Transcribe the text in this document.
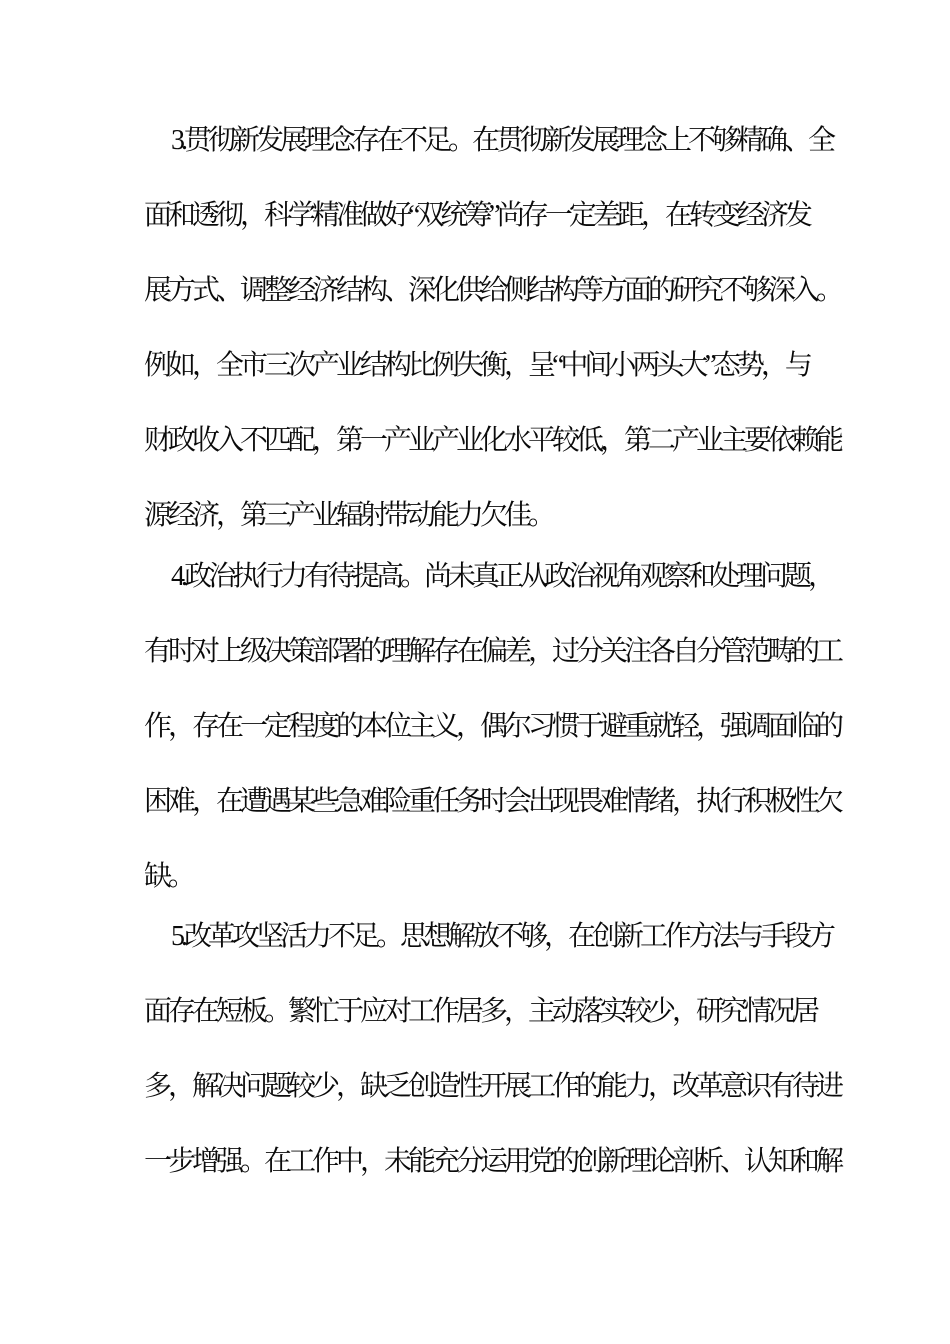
3.贯彻新发展理念存在不足。在贯彻新发展理念上不够精确、全
面和透彻，科学精准做好“双统筹”尚存一定差距，在转变经济发
展方式、调整经济结构、深化供给侧结构等方面的研究不够深入。
例如，全市三次产业结构比例失衡，呈“中间小两头大”态势，与
财政收入不匹配，第一产业产业化水平较低，第二产业主要依赖能
源经济，第三产业辐射带动能力欠佳。
4.政治执行力有待提高。尚未真正从政治视角观察和处理问题，
有时对上级决策部署的理解存在偏差，过分关注各自分管范畴的工
作，存在一定程度的本位主义，偶尔习惯于避重就轻，强调面临的
困难，在遭遇某些急难险重任务时会出现畏难情绪，执行积极性欠
缺。
5.改革攻坚活力不足。思想解放不够，在创新工作方法与手段方
面存在短板。繁忙于应对工作居多，主动落实较少，研究情况居
多，解决问题较少，缺乏创造性开展工作的能力，改革意识有待进
一步增强。在工作中，未能充分运用党的创新理论剖析、认知和解
